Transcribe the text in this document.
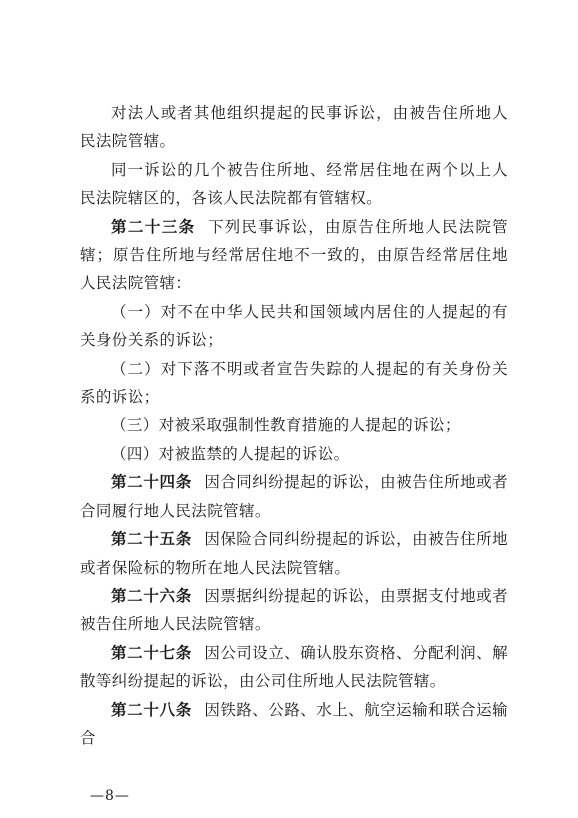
对法人或者其他组织提起的民事诉讼，由被告住所地人民法院管辖。

同一诉讼的几个被告住所地、经常居住地在两个以上人民法院辖区的，各该人民法院都有管辖权。

第二十三条 下列民事诉讼，由原告住所地人民法院管辖；原告住所地与经常居住地不一致的，由原告经常居住地人民法院管辖：

（一）对不在中华人民共和国领域内居住的人提起的有关身份关系的诉讼；

（二）对下落不明或者宣告失踪的人提起的有关身份关系的诉讼；

（三）对被采取强制性教育措施的人提起的诉讼；

（四）对被监禁的人提起的诉讼。

第二十四条 因合同纠纷提起的诉讼，由被告住所地或者合同履行地人民法院管辖。

第二十五条 因保险合同纠纷提起的诉讼，由被告住所地或者保险标的物所在地人民法院管辖。

第二十六条 因票据纠纷提起的诉讼，由票据支付地或者被告住所地人民法院管辖。

第二十七条 因公司设立、确认股东资格、分配利润、解散等纠纷提起的诉讼，由公司住所地人民法院管辖。

第二十八条 因铁路、公路、水上、航空运输和联合运输合

—8—
